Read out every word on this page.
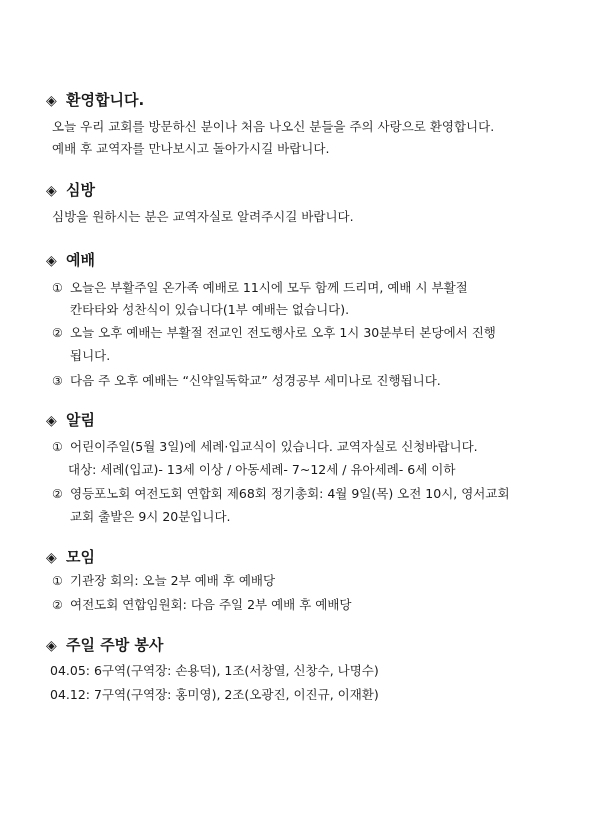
◈ 환영합니다.
오늘 우리 교회를 방문하신 분이나 처음 나오신 분들을 주의 사랑으로 환영합니다.
예배 후 교역자를 만나보시고 돌아가시길 바랍니다.
◈ 심방
심방을 원하시는 분은 교역자실로 알려주시길 바랍니다.
◈ 예배
① 오늘은 부활주일 온가족 예배로 11시에 모두 함께 드리며, 예배 시 부활절
칸타타와 성찬식이 있습니다(1부 예배는 없습니다).
② 오늘 오후 예배는 부활절 전교인 전도행사로 오후 1시 30분부터 본당에서 진행
됩니다.
③ 다음 주 오후 예배는 “신약일독학교” 성경공부 세미나로 진행됩니다.
◈ 알림
① 어린이주일(5월 3일)에 세례·입교식이 있습니다. 교역자실로 신청바랍니다.
대상: 세례(입교)- 13세 이상 / 아동세례- 7~12세 / 유아세례- 6세 이하
② 영등포노회 여전도회 연합회 제68회 정기총회: 4월 9일(목) 오전 10시, 영서교회
교회 출발은 9시 20분입니다.
◈ 모임
① 기관장 회의: 오늘 2부 예배 후 예배당
② 여전도회 연합임원회: 다음 주일 2부 예배 후 예배당
◈ 주일 주방 봉사
04.05: 6구역(구역장: 손용덕), 1조(서창열, 신창수, 나명수)
04.12: 7구역(구역장: 홍미영), 2조(오광진, 이진규, 이재환)
